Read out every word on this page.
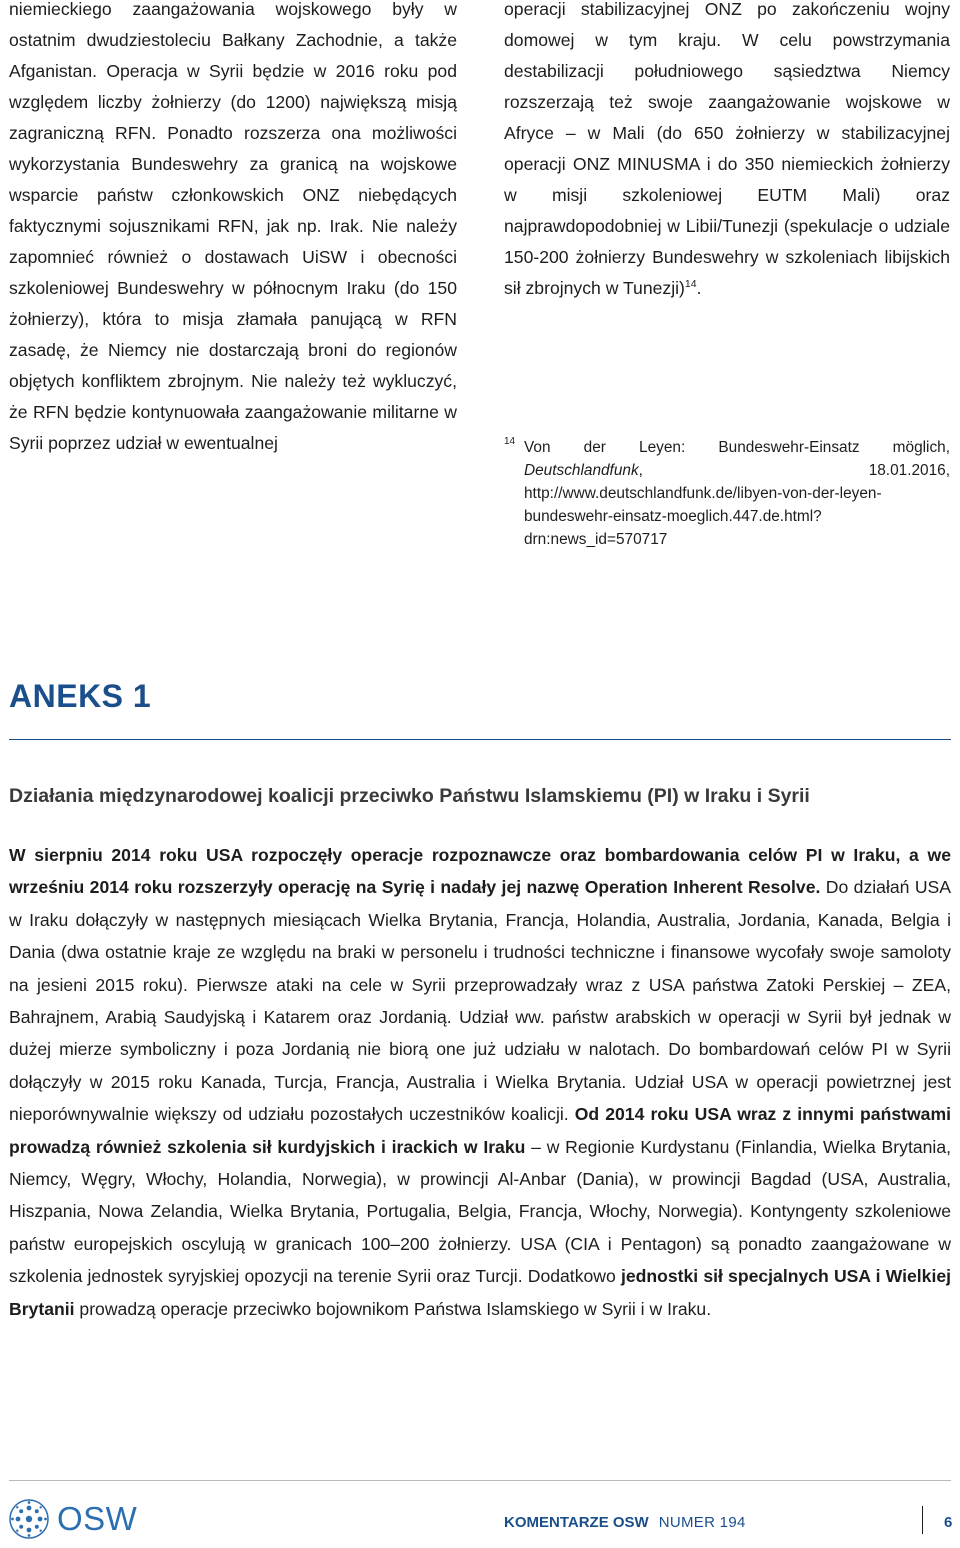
niemieckiego zaangażowania wojskowego były w ostatnim dwudziestoleciu Bałkany Zachodnie, a także Afganistan. Operacja w Syrii będzie w 2016 roku pod względem liczby żołnierzy (do 1200) największą misją zagraniczną RFN. Ponadto rozszerza ona możliwości wykorzystania Bundeswehry za granicą na wojskowe wsparcie państw członkowskich ONZ niebędących faktycznymi sojusznikami RFN, jak np. Irak. Nie należy zapomnieć również o dostawach UiSW i obecności szkoleniowej Bundeswehry w północnym Iraku (do 150 żołnierzy), która to misja złamała panującą w RFN zasadę, że Niemcy nie dostarczają broni do regionów objętych konfliktem zbrojnym. Nie należy też wykluczyć, że RFN będzie kontynuowała zaangażowanie militarne w Syrii poprzez udział w ewentualnej

operacji stabilizacyjnej ONZ po zakończeniu wojny domowej w tym kraju. W celu powstrzymania destabilizacji południowego sąsiedztwa Niemcy rozszerzają też swoje zaangażowanie wojskowe w Afryce – w Mali (do 650 żołnierzy w stabilizacyjnej operacji ONZ MINUSMA i do 350 niemieckich żołnierzy w misji szkoleniowej EUTM Mali) oraz najprawdopodobniej w Libii/Tunezji (spekulacje o udziale 150-200 żołnierzy Bundeswehry w szkoleniach libijskich sił zbrojnych w Tunezji)$^{14}$.

14 Von der Leyen: Bundeswehr-Einsatz möglich, Deutschlandfunk, 18.01.2016, http://www.deutschlandfunk.de/libyen-von-der-leyen-bundeswehr-einsatz-moeglich.447.de.html?drn:news_id=570717

ANEKS 1
Działania międzynarodowej koalicji przeciwko Państwu Islamskiemu (PI) w Iraku i Syrii

W sierpniu 2014 roku USA rozpoczęły operacje rozpoznawcze oraz bombardowania celów PI w Iraku, a we wrześniu 2014 roku rozszerzyły operację na Syrię i nadały jej nazwę Operation Inherent Resolve. Do działań USA w Iraku dołączyły w następnych miesiącach Wielka Brytania, Francja, Holandia, Australia, Jordania, Kanada, Belgia i Dania (dwa ostatnie kraje ze względu na braki w personelu i trudności techniczne i finansowe wycofały swoje samoloty na jesieni 2015 roku). Pierwsze ataki na cele w Syrii przeprowadzały wraz z USA państwa Zatoki Perskiej – ZEA, Bahrajnem, Arabią Saudyjską i Katarem oraz Jordanią. Udział ww. państw arabskich w operacji w Syrii był jednak w dużej mierze symboliczny i poza Jordanią nie biorą one już udziału w nalotach. Do bombardowań celów PI w Syrii dołączyły w 2015 roku Kanada, Turcja, Francja, Australia i Wielka Brytania. Udział USA w operacji powietrznej jest nieporównywalnie większy od udziału pozostałych uczestników koalicji. Od 2014 roku USA wraz z innymi państwami prowadzą również szkolenia sił kurdyjskich i irackich w Iraku – w Regionie Kurdystanu (Finlandia, Wielka Brytania, Niemcy, Węgry, Włochy, Holandia, Norwegia), w prowincji Al-Anbar (Dania), w prowincji Bagdad (USA, Australia, Hiszpania, Nowa Zelandia, Wielka Brytania, Portugalia, Belgia, Francja, Włochy, Norwegia). Kontyngenty szkoleniowe państw europejskich oscylują w granicach 100–200 żołnierzy. USA (CIA i Pentagon) są ponadto zaangażowane w szkolenia jednostek syryjskiej opozycji na terenie Syrii oraz Turcji. Dodatkowo jednostki sił specjalnych USA i Wielkiej Brytanii prowadzą operacje przeciwko bojownikom Państwa Islamskiego w Syrii i w Iraku.

OSW	KOMENTARZE OSW NUMER 194	6
